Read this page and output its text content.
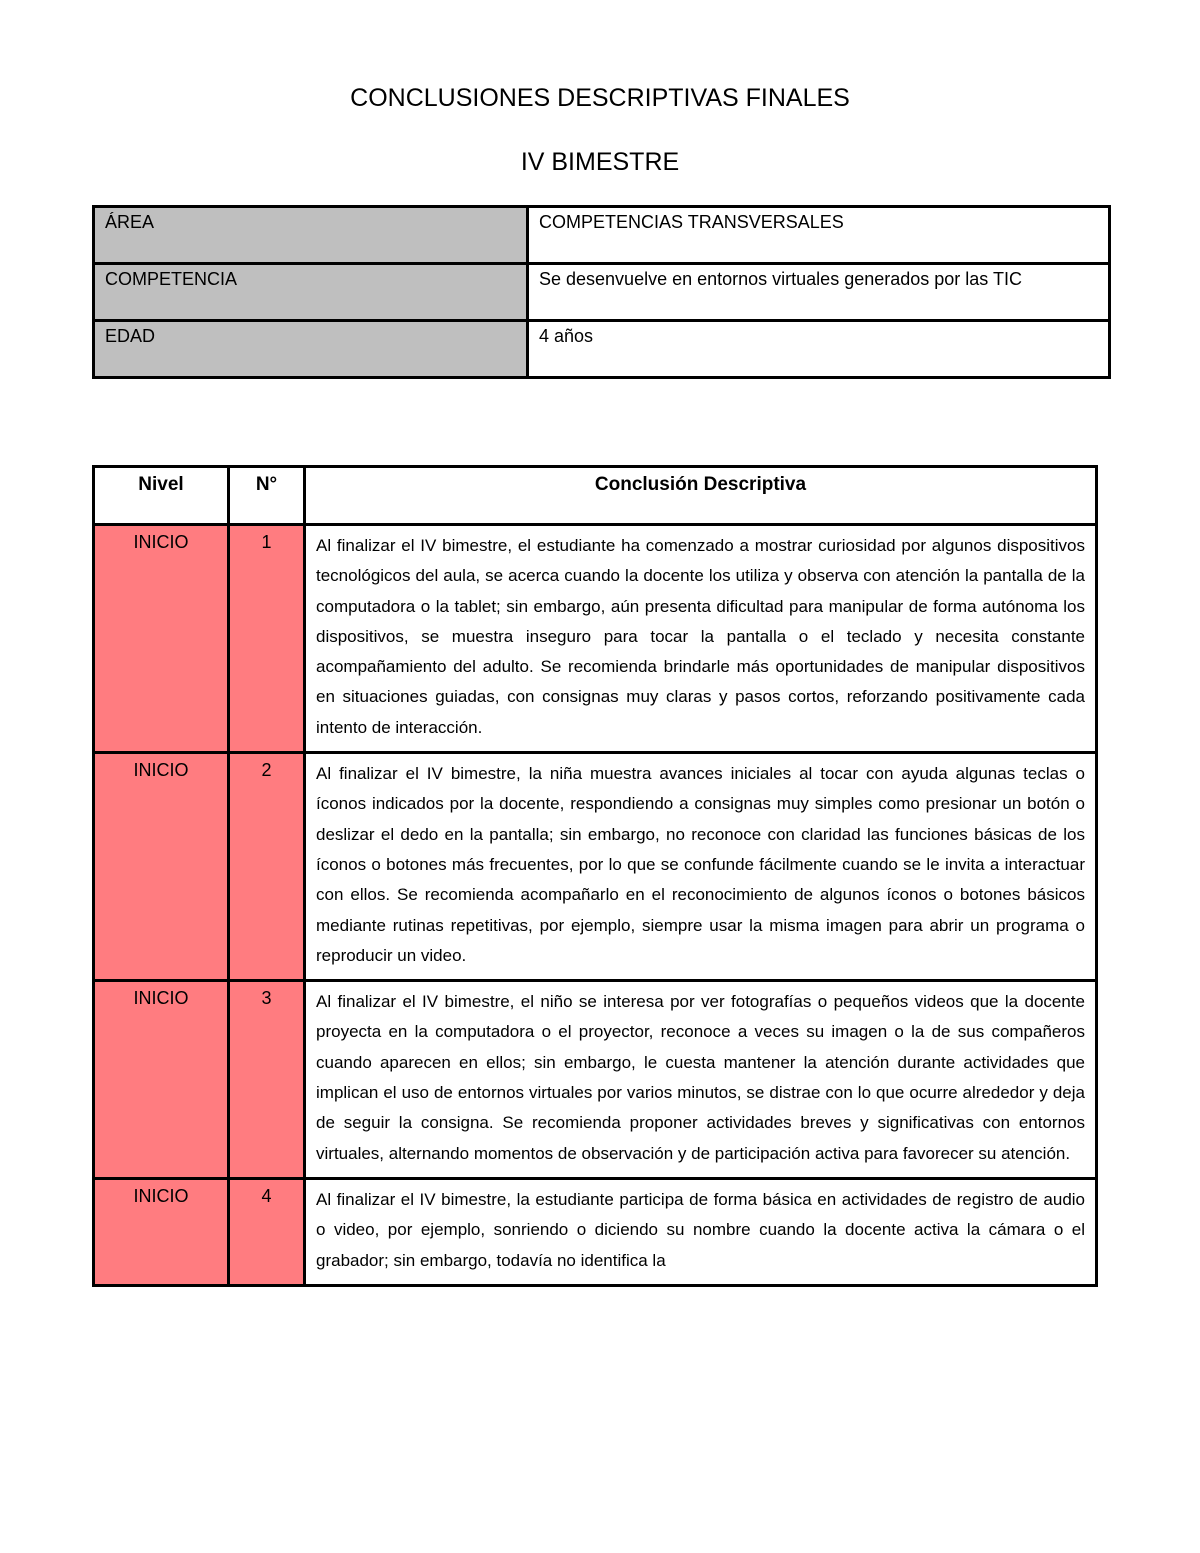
CONCLUSIONES DESCRIPTIVAS FINALES
IV BIMESTRE
ÁREA	COMPETENCIAS TRANSVERSALES
COMPETENCIA	Se desenvuelve en entornos virtuales generados por las TIC
EDAD	4 años
Nivel	N°	Conclusión Descriptiva
INICIO	1	Al finalizar el IV bimestre, el estudiante ha comenzado a mostrar curiosidad por algunos dispositivos tecnológicos del aula, se acerca cuando la docente los utiliza y observa con atención la pantalla de la computadora o la tablet; sin embargo, aún presenta dificultad para manipular de forma autónoma los dispositivos, se muestra inseguro para tocar la pantalla o el teclado y necesita constante acompañamiento del adulto. Se recomienda brindarle más oportunidades de manipular dispositivos en situaciones guiadas, con consignas muy claras y pasos cortos, reforzando positivamente cada intento de interacción.
INICIO	2	Al finalizar el IV bimestre, la niña muestra avances iniciales al tocar con ayuda algunas teclas o íconos indicados por la docente, respondiendo a consignas muy simples como presionar un botón o deslizar el dedo en la pantalla; sin embargo, no reconoce con claridad las funciones básicas de los íconos o botones más frecuentes, por lo que se confunde fácilmente cuando se le invita a interactuar con ellos. Se recomienda acompañarlo en el reconocimiento de algunos íconos o botones básicos mediante rutinas repetitivas, por ejemplo, siempre usar la misma imagen para abrir un programa o reproducir un video.
INICIO	3	Al finalizar el IV bimestre, el niño se interesa por ver fotografías o pequeños videos que la docente proyecta en la computadora o el proyector, reconoce a veces su imagen o la de sus compañeros cuando aparecen en ellos; sin embargo, le cuesta mantener la atención durante actividades que implican el uso de entornos virtuales por varios minutos, se distrae con lo que ocurre alrededor y deja de seguir la consigna. Se recomienda proponer actividades breves y significativas con entornos virtuales, alternando momentos de observación y de participación activa para favorecer su atención.
INICIO	4	Al finalizar el IV bimestre, la estudiante participa de forma básica en actividades de registro de audio o video, por ejemplo, sonriendo o diciendo su nombre cuando la docente activa la cámara o el grabador; sin embargo, todavía no identifica la
